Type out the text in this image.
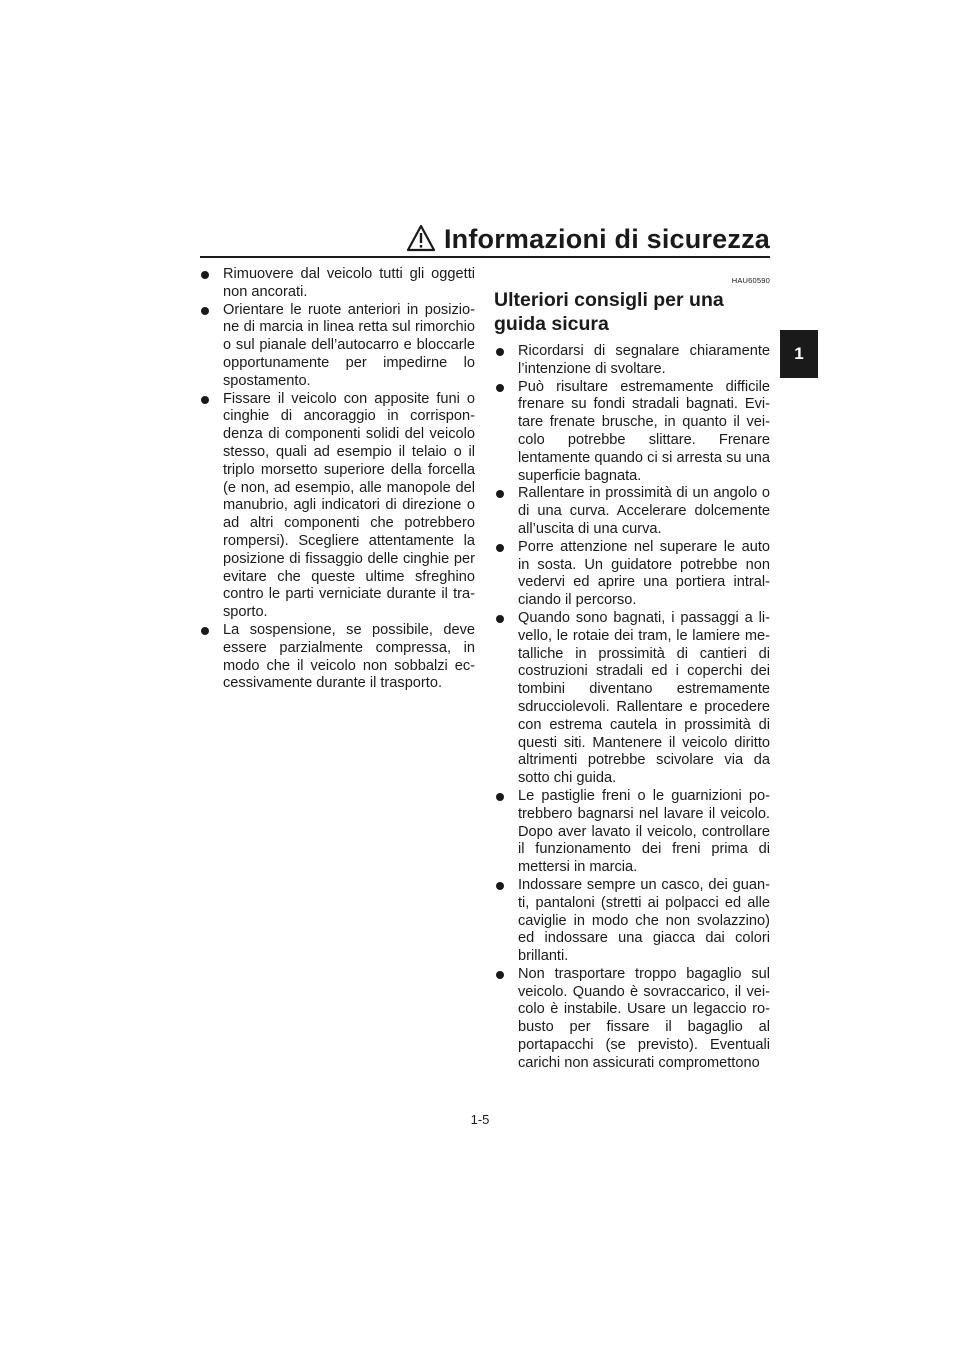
Informazioni di sicurezza
1
Rimuovere dal veicolo tutti gli oggetti non ancorati.
Orientare le ruote anteriori in posizio-ne di marcia in linea retta sul rimorchio o sul pianale dell’autocarro e bloccarle opportunamente per impedirne lo spostamento.
Fissare il veicolo con apposite funi o cinghie di ancoraggio in corrispon-denza di componenti solidi del veicolo stesso, quali ad esempio il telaio o il triplo morsetto superiore della forcella (e non, ad esempio, alle manopole del manubrio, agli indicatori di direzione o ad altri componenti che potrebbero rompersi). Scegliere attentamente la posizione di fissaggio delle cinghie per evitare che queste ultime sfreghino contro le parti verniciate durante il tra-sporto.
La sospensione, se possibile, deve essere parzialmente compressa, in modo che il veicolo non sobbalzi ec-cessivamente durante il trasporto.
HAU60590
Ulteriori consigli per una guida sicura
Ricordarsi di segnalare chiaramente l’intenzione di svoltare.
Può risultare estremamente difficile frenare su fondi stradali bagnati. Evi-tare frenate brusche, in quanto il vei-colo potrebbe slittare. Frenare lentamente quando ci si arresta su una superficie bagnata.
Rallentare in prossimità di un angolo o di una curva. Accelerare dolcemente all’uscita di una curva.
Porre attenzione nel superare le auto in sosta. Un guidatore potrebbe non vedervi ed aprire una portiera intral-ciando il percorso.
Quando sono bagnati, i passaggi a li-vello, le rotaie dei tram, le lamiere me-talliche in prossimità di cantieri di costruzioni stradali ed i coperchi dei tombini diventano estremamente sdrucciolevoli. Rallentare e procedere con estrema cautela in prossimità di questi siti. Mantenere il veicolo diritto altrimenti potrebbe scivolare via da sotto chi guida.
Le pastiglie freni o le guarnizioni po-trebbero bagnarsi nel lavare il veicolo. Dopo aver lavato il veicolo, controllare il funzionamento dei freni prima di mettersi in marcia.
Indossare sempre un casco, dei guan-ti, pantaloni (stretti ai polpacci ed alle caviglie in modo che non svolazzino) ed indossare una giacca dai colori brillanti.
Non trasportare troppo bagaglio sul veicolo. Quando è sovraccarico, il vei-colo è instabile. Usare un legaccio ro-busto per fissare il bagaglio al portapacchi (se previsto). Eventuali carichi non assicurati compromettono
1-5
